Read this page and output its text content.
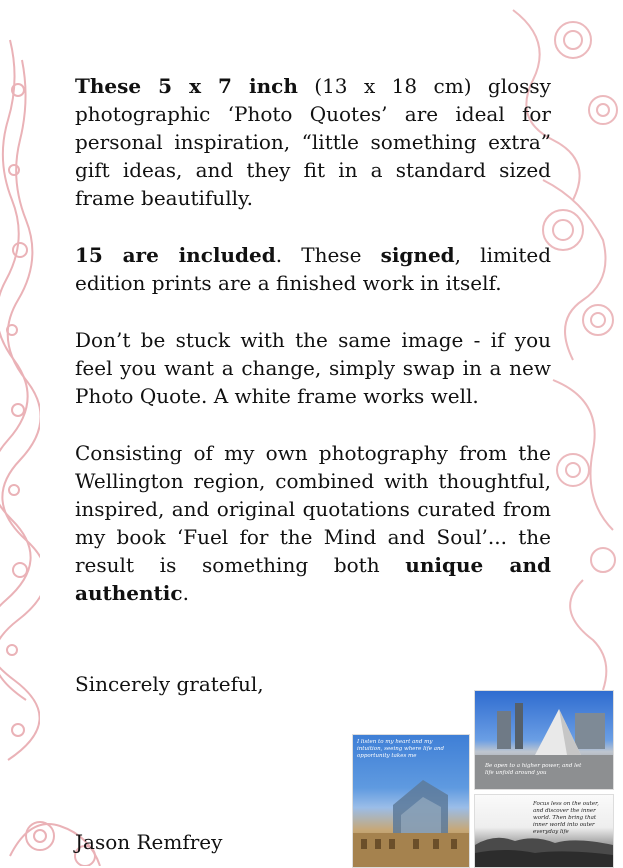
These 5 x 7 inch (13 x 18 cm) glossy photographic ‘Photo Quotes’ are ideal for personal inspiration, “little something extra” gift ideas, and they fit in a standard sized frame beautifully.

15 are included. These signed, limited edition prints are a finished work in itself.

Don’t be stuck with the same image - if you feel you want a change, simply swap in a new Photo Quote. A white frame works well.

Consisting of my own photography from the Wellington region, combined with thoughtful, inspired, and original quotations curated from my book ‘Fuel for the Mind and Soul’... the result is something both unique and authentic.

Sincerely grateful,
Jason Remfrey
I listen to my heart and my intuition, seeing where life and opportunity takes me
Be open to a higher power, and let life unfold around you
Focus less on the outer, and discover the inner world. Then bring that inner world into outer everyday life
